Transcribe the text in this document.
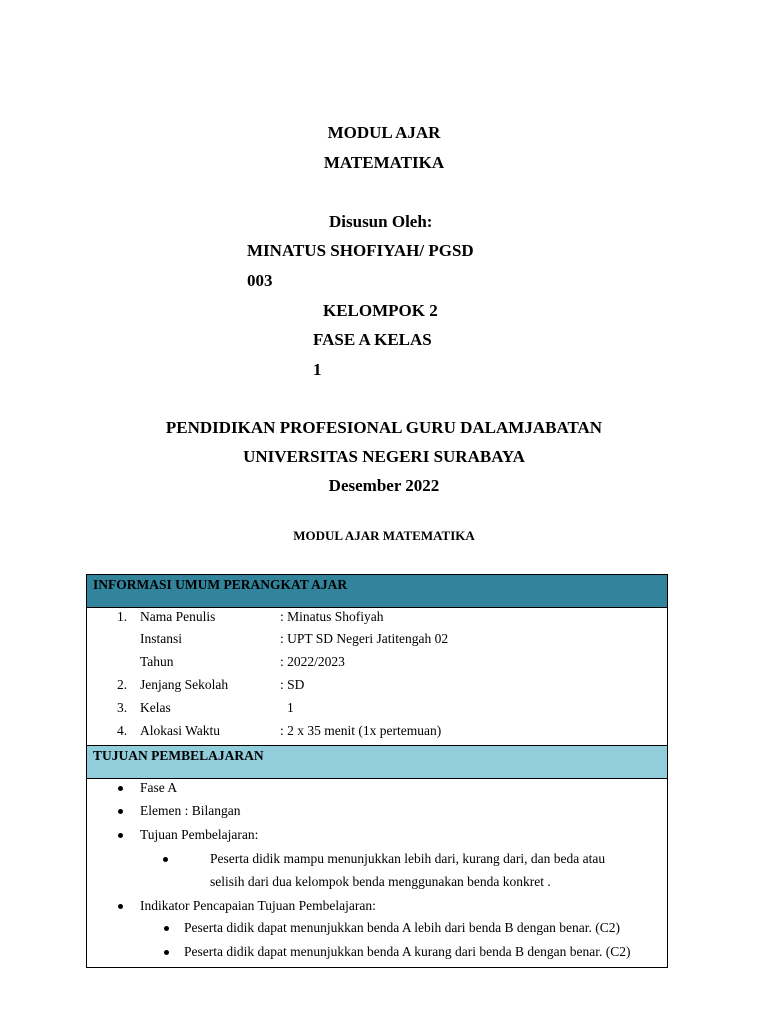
MODUL AJAR
MATEMATIKA
Disusun Oleh:
MINATUS SHOFIYAH/ PGSD
003
KELOMPOK 2
FASE A KELAS
1
PENDIDIKAN PROFESIONAL GURU DALAMJABATAN
UNIVERSITAS NEGERI SURABAYA
Desember 2022
MODUL AJAR MATEMATIKA
INFORMASI UMUM PERANGKAT AJAR
1. Nama Penulis	: Minatus Shofiyah
Instansi	: UPT SD Negeri Jatitengah 02
Tahun	: 2022/2023
2. Jenjang Sekolah	: SD
3. Kelas	1
4. Alokasi Waktu	: 2 x 35 menit (1x pertemuan)
TUJUAN PEMBELAJARAN
Fase A
Elemen : Bilangan
Tujuan Pembelajaran:
Peserta didik mampu menunjukkan lebih dari, kurang dari, dan beda atau
selisih dari dua kelompok benda menggunakan benda konkret .
Indikator Pencapaian Tujuan Pembelajaran:
Peserta didik dapat menunjukkan benda A lebih dari benda B dengan benar. (C2)
Peserta didik dapat menunjukkan benda A kurang dari benda B dengan benar. (C2)
